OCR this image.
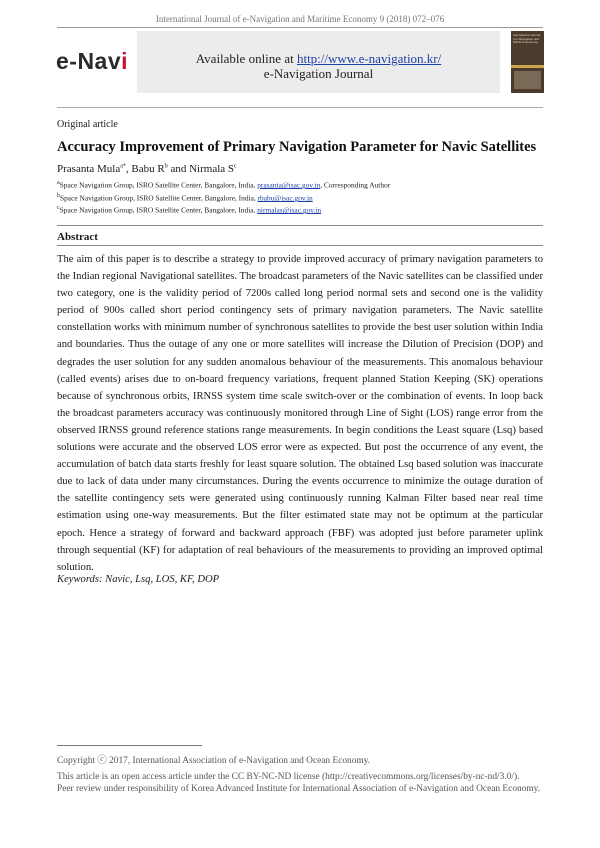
International Journal of e-Navigation and Maritime Economy 9 (2018) 072–076
e-Navi	Available online at http://www.e-navigation.kr/
e-Navigation Journal
International Journal of e-Navigation and Maritime Economy
Original article
Accuracy Improvement of Primary Navigation Parameter for Navic Satellites
Prasanta Mula$^{a*}$, Babu $R^b$ and Nirmala $S^c$
$^a$Space Navigation Group, ISRO Satellite Center, Bangalore, India, prasanta@isac.gov.in, Corresponding Author
$^b$Space Navigation Group, ISRO Satellite Center, Bangalore, India, rbabu@isac.gov.in
$^c$Space Navigation Group, ISRO Satellite Center, Bangalore, India, nirmalas@isac.gov.in
Abstract
The aim of this paper is to describe a strategy to provide improved accuracy of primary navigation parameters to the Indian regional Navigational satellites. The broadcast parameters of the Navic satellites can be classified under two category, one is the validity period of 7200s called long period normal sets and second one is the validity period of 900s called short period contingency sets of primary navigation parameters. The Navic satellite constellation works with minimum number of synchronous satellites to provide the best user solution within India and boundaries. Thus the outage of any one or more satellites will increase the Dilution of Precision (DOP) and degrades the user solution for any sudden anomalous behaviour of the measurements. This anomalous behaviour (called events) arises due to on-board frequency variations, frequent planned Station Keeping (SK) operations because of synchronous orbits, IRNSS system time scale switch-over or the combination of events. In loop back the broadcast parameters accuracy was continuously monitored through Line of Sight (LOS) range error from the observed IRNSS ground reference stations range measurements. In begin conditions the Least square (Lsq) based solutions were accurate and the observed LOS error were as expected. But post the occurrence of any event, the accumulation of batch data starts freshly for least square solution. The obtained Lsq based solution was inaccurate due to lack of data under many circumstances. During the events occurrence to minimize the outage duration of the satellite contingency sets were generated using continuously running Kalman Filter based near real time estimation using one-way measurements. But the filter estimated state may not be optimum at the particular epoch. Hence a strategy of forward and backward approach (FBF) was adopted just before parameter uplink through sequential (KF) for adaptation of real behaviours of the measurements to providing an improved optimal solution.
Keywords: Navic, Lsq, LOS, KF, DOP

Copyright ⓒ 2017, International Association of e-Navigation and Ocean Economy.

This article is an open access article under the CC BY-NC-ND license (http://creativecommons.org/licenses/by-nc-nd/3.0/).

Peer review under responsibility of Korea Advanced Institute for International Association of e-Navigation and Ocean Economy.
